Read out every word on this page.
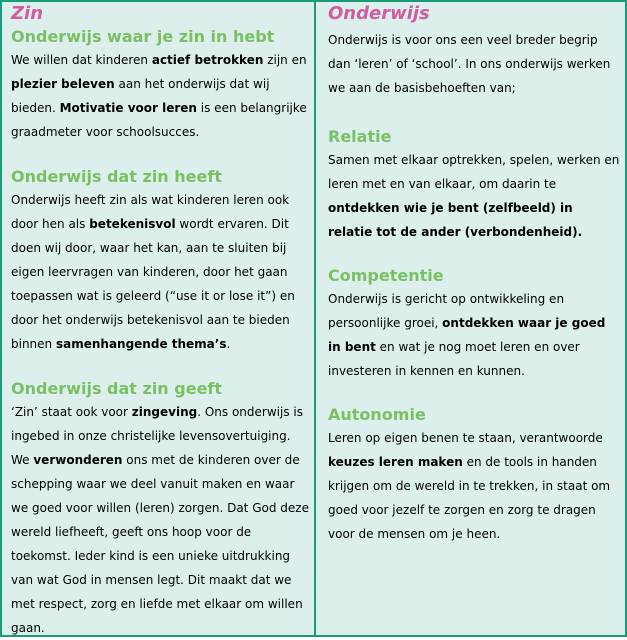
Zin
Onderwijs waar je zin in hebt

We willen dat kinderen actief betrokken zijn en plezier beleven aan het onderwijs dat wij bieden. Motivatie voor leren is een belangrijke graadmeter voor schoolsucces.

Onderwijs dat zin heeft

Onderwijs heeft zin als wat kinderen leren ook door hen als betekenisvol wordt ervaren. Dit doen wij door, waar het kan, aan te sluiten bij eigen leervragen van kinderen, door het gaan toepassen wat is geleerd (“use it or lose it”) en door het onderwijs betekenisvol aan te bieden binnen samenhangende thema’s.

Onderwijs dat zin geeft

‘Zin’ staat ook voor zingeving. Ons onderwijs is ingebed in onze christelijke levensovertuiging. We verwonderen ons met de kinderen over de schepping waar we deel vanuit maken en waar we goed voor willen (leren) zorgen. Dat God deze wereld liefheeft, geeft ons hoop voor de toekomst. Ieder kind is een unieke uitdrukking van wat God in mensen legt. Dit maakt dat we met respect, zorg en liefde met elkaar om willen gaan.

Onderwijs

Onderwijs is voor ons een veel breder begrip dan ‘leren’ of ‘school’. In ons onderwijs werken we aan de basisbehoeften van;

Relatie

Samen met elkaar optrekken, spelen, werken en leren met en van elkaar, om daarin te ontdekken wie je bent (zelfbeeld) in relatie tot de ander (verbondenheid).

Competentie

Onderwijs is gericht op ontwikkeling en persoonlijke groei, ontdekken waar je goed in bent en wat je nog moet leren en over investeren in kennen en kunnen.

Autonomie

Leren op eigen benen te staan, verantwoorde keuzes leren maken en de tools in handen krijgen om de wereld in te trekken, in staat om goed voor jezelf te zorgen en zorg te dragen voor de mensen om je heen.
